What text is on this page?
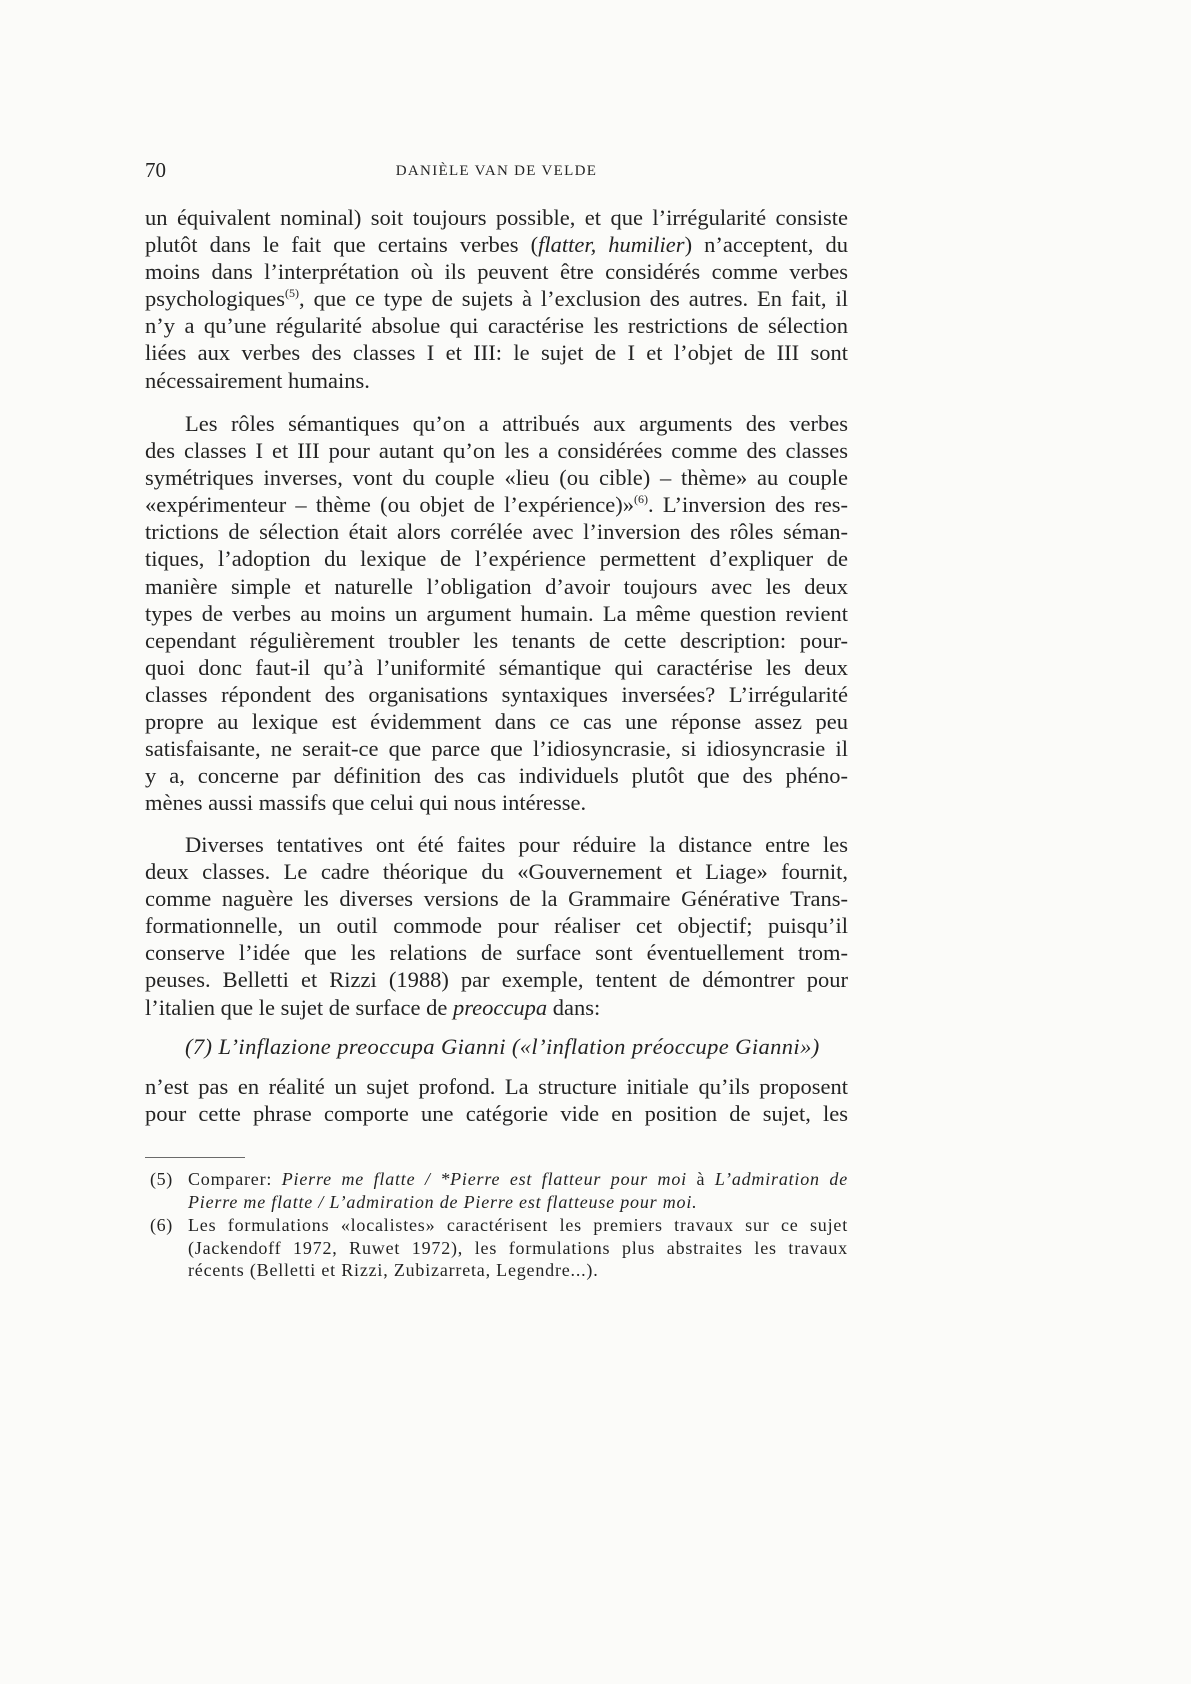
70	DANIÈLE VAN DE VELDE
un équivalent nominal) soit toujours possible, et que l’irrégularité consiste
plutôt dans le fait que certains verbes (flatter, humilier) n’acceptent, du
moins dans l’interprétation où ils peuvent être considérés comme verbes
psychologiques$^{(5)}$, que ce type de sujets à l’exclusion des autres. En fait, il
n’y a qu’une régularité absolue qui caractérise les restrictions de sélection
liées aux verbes des classes I et III: le sujet de I et l’objet de III sont
nécessairement humains.
Les rôles sémantiques qu’on a attribués aux arguments des verbes
des classes I et III pour autant qu’on les a considérées comme des classes
symétriques inverses, vont du couple «lieu (ou cible) – thème» au couple
«expérimenteur – thème (ou objet de l’expérience)»$^{(6)}$. L’inversion des res-
trictions de sélection était alors corrélée avec l’inversion des rôles séman-
tiques, l’adoption du lexique de l’expérience permettent d’expliquer de
manière simple et naturelle l’obligation d’avoir toujours avec les deux
types de verbes au moins un argument humain. La même question revient
cependant régulièrement troubler les tenants de cette description: pour-
quoi donc faut-il qu’à l’uniformité sémantique qui caractérise les deux
classes répondent des organisations syntaxiques inversées? L’irrégularité
propre au lexique est évidemment dans ce cas une réponse assez peu
satisfaisante, ne serait-ce que parce que l’idiosyncrasie, si idiosyncrasie il
y a, concerne par définition des cas individuels plutôt que des phéno-
mènes aussi massifs que celui qui nous intéresse.
Diverses tentatives ont été faites pour réduire la distance entre les
deux classes. Le cadre théorique du «Gouvernement et Liage» fournit,
comme naguère les diverses versions de la Grammaire Générative Trans-
formationnelle, un outil commode pour réaliser cet objectif; puisqu’il
conserve l’idée que les relations de surface sont éventuellement trom-
peuses. Belletti et Rizzi (1988) par exemple, tentent de démontrer pour
l’italien que le sujet de surface de preoccupa dans:
(7) L’inflazione preoccupa Gianni («l’inflation préoccupe Gianni»)
n’est pas en réalité un sujet profond. La structure initiale qu’ils proposent
pour cette phrase comporte une catégorie vide en position de sujet, les
(5) Comparer: Pierre me flatte / *Pierre est flatteur pour moi à L’admiration de
Pierre me flatte / L’admiration de Pierre est flatteuse pour moi.
(6) Les formulations «localistes» caractérisent les premiers travaux sur ce sujet
(Jackendoff 1972, Ruwet 1972), les formulations plus abstraites les travaux
récents (Belletti et Rizzi, Zubizarreta, Legendre...).
